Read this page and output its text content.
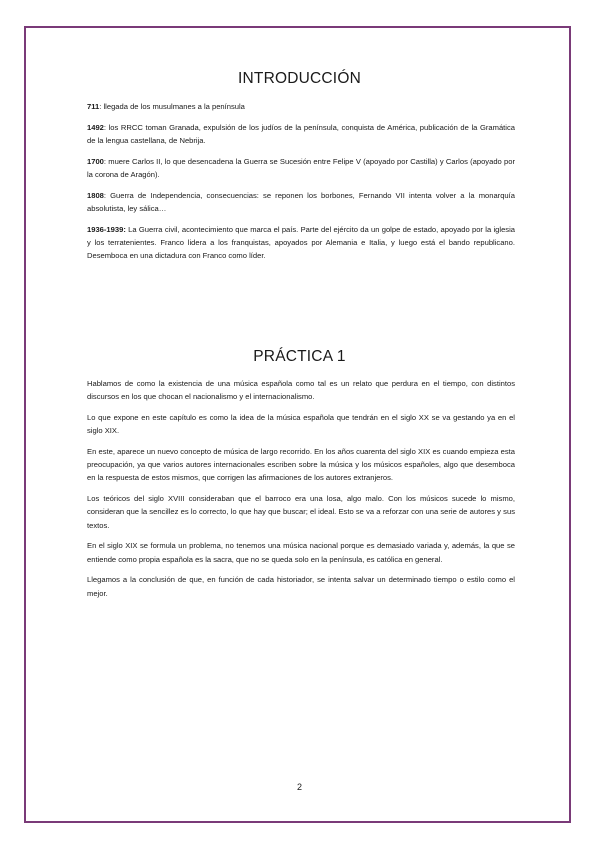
INTRODUCCIÓN

711: llegada de los musulmanes a la península

1492: los RRCC toman Granada, expulsión de los judíos de la península, conquista de América, publicación de la Gramática de la lengua castellana, de Nebrija.

1700: muere Carlos II, lo que desencadena la Guerra se Sucesión entre Felipe V (apoyado por Castilla) y Carlos (apoyado por la corona de Aragón).

1808: Guerra de Independencia, consecuencias: se reponen los borbones, Fernando VII intenta volver a la monarquía absolutista, ley sálica…

1936-1939: La Guerra civil, acontecimiento que marca el país. Parte del ejército da un golpe de estado, apoyado por la iglesia y los terratenientes. Franco lidera a los franquistas, apoyados por Alemania e Italia, y luego está el bando republicano. Desemboca en una dictadura con Franco como líder.

PRÁCTICA 1

Hablamos de como la existencia de una música española como tal es un relato que perdura en el tiempo, con distintos discursos en los que chocan el nacionalismo y el internacionalismo.

Lo que expone en este capítulo es como la idea de la música española que tendrán en el siglo XX se va gestando ya en el siglo XIX.

En este, aparece un nuevo concepto de música de largo recorrido. En los años cuarenta del siglo XIX es cuando empieza esta preocupación, ya que varios autores internacionales escriben sobre la música y los músicos españoles, algo que desemboca en la respuesta de estos mismos, que corrigen las afirmaciones de los autores extranjeros.

Los teóricos del siglo XVIII consideraban que el barroco era una losa, algo malo. Con los músicos sucede lo mismo, consideran que la sencillez es lo correcto, lo que hay que buscar; el ideal. Esto se va a reforzar con una serie de autores y sus textos.

En el siglo XIX se formula un problema, no tenemos una música nacional porque es demasiado variada y, además, la que se entiende como propia española es la sacra, que no se queda solo en la península, es católica en general.

Llegamos a la conclusión de que, en función de cada historiador, se intenta salvar un determinado tiempo o estilo como el mejor.

2
